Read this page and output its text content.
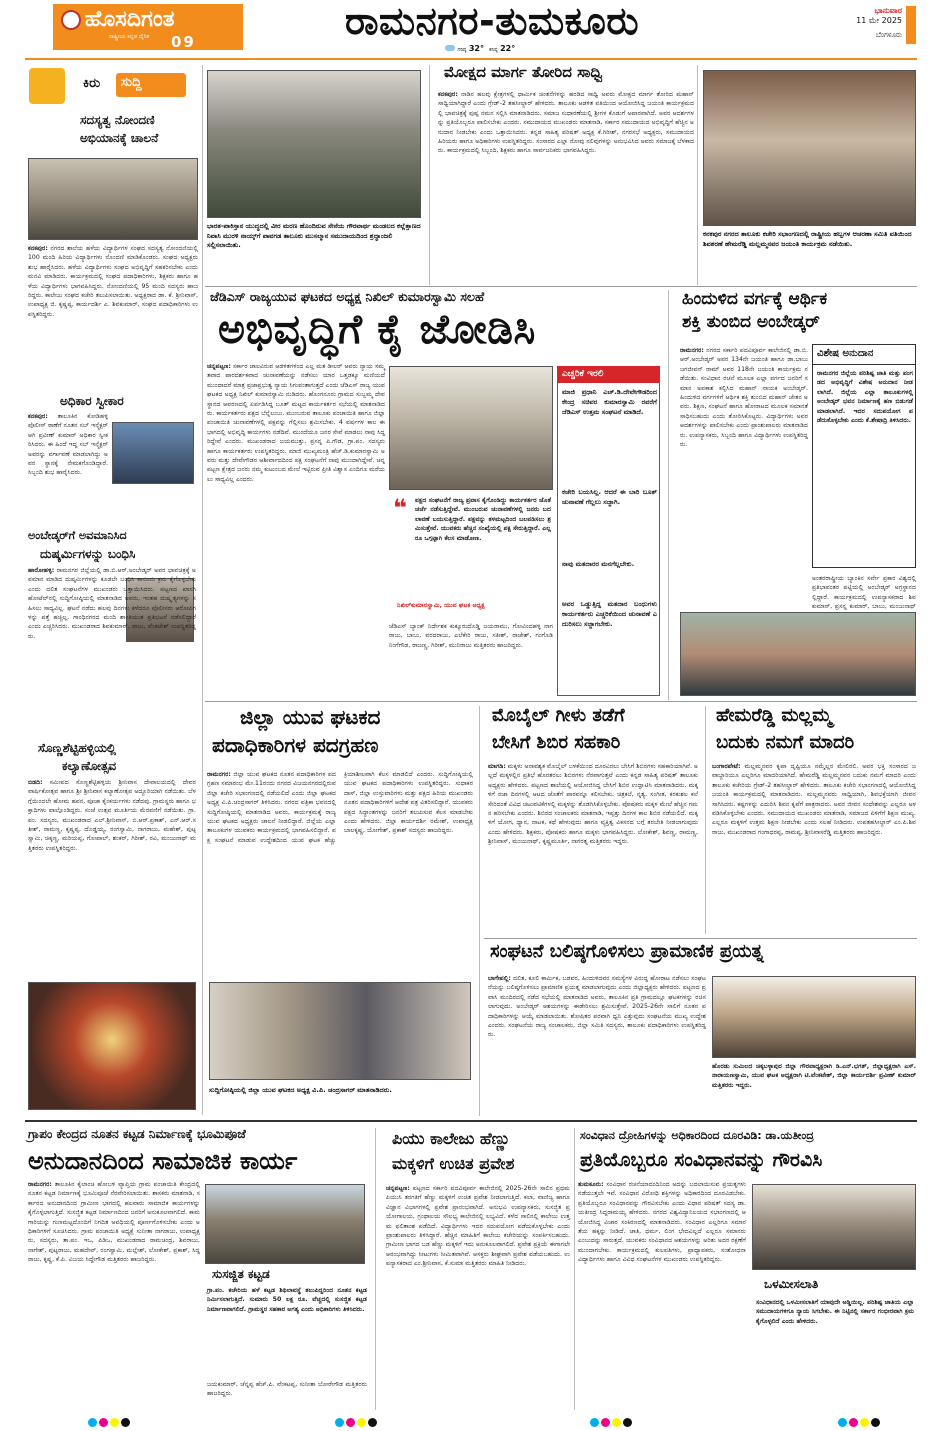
ಹೊಸದಿಗಂತ
ರಾಷ್ಟ್ರೀಯ ಕನ್ನಡ ದೈನಿಕ 09	ರಾಮನಗರ-ತುಮಕೂರು
ಗರಿಷ್ಠ 32° ಕನಿಷ್ಠ 22°
ಭಾನುವಾರ
11 ಮೇ 2025
ಬೆಂಗಳೂರು
ಕಿರು ಸುದ್ದಿ
ಸದಸ್ಯತ್ವ ನೋಂದಣಿ
ಅಭಿಯಾನಕ್ಕೆ ಚಾಲನೆ
ಕನಕಪುರ: ನಗರದ ಶಾಲೆಯ ಹಳೆಯ ವಿದ್ಯಾರ್ಥಿಗಳ ಸಂಘದ ಸದಸ್ಯತ್ವ ನೋಂದಣಿಯಲ್ಲಿ 100 ಮಂದಿ ಹಿರಿಯ ವಿದ್ಯಾರ್ಥಿಗಳು ನೊಂದಣಿ ಮಾಡಿಕೊಂಡರು. ಸಂಘದ ಅಧ್ಯಕ್ಷರು ಶುಭ ಹಾರೈಸಿದರು. ಹಳೆಯ ವಿದ್ಯಾರ್ಥಿಗಳು ಸಂಘದ ಅಭಿವೃದ್ಧಿಗೆ ಸಹಕರಿಸಬೇಕು ಎಂದು ಮನವಿ ಮಾಡಿದರು. ಕಾರ್ಯಕ್ರಮದಲ್ಲಿ ಸಂಘದ ಪದಾಧಿಕಾರಿಗಳು, ಶಿಕ್ಷಕರು ಹಾಗೂ ಹಳೆಯ ವಿದ್ಯಾರ್ಥಿಗಳು ಭಾಗವಹಿಸಿದ್ದರು. ನೋಂದಣಿಯಲ್ಲಿ 95 ಮಂದಿ ಸದಸ್ಯರು ಹಾಜರಿದ್ದರು. ಕಾಲೇಜು ಸಂಘದ ಕಚೇರಿ ತಲುಪಿಸಲಾಯಿತು. ಅಧ್ಯಕ್ಷರಾದ ಡಾ. ಕೆ. ಶ್ರೀನಿವಾಸ್, ಉಪಾಧ್ಯಕ್ಷ ಜಿ. ಕೃಷ್ಣಪ್ಪ, ಕಾರ್ಯದರ್ಶಿ ಎ. ಶಿವಕುಮಾರ್, ಸಂಘದ ಪದಾಧಿಕಾರಿಗಳು ಉಪಸ್ಥಿತರಿದ್ದರು.
ಅಧಿಕಾರ ಸ್ವೀಕಾರ
ಕನಕಪುರ: ತಾಲೂಕಿನ ಕೋಡಿಹಳ್ಳಿ ಪೊಲೀಸ್ ಠಾಣೆಗೆ ನೂತನ ಸಬ್ ಇನ್ಸ್ಪೆಕ್ಟರ್ ಆಗಿ ಪ್ರವೀಣ್ ಕುಮಾರ್ ಅಧಿಕಾರ ಸ್ವೀಕರಿಸಿದರು. ಈ ಹಿಂದೆ ಇದ್ದ ಸಬ್ ಇನ್ಸ್ಪೆಕ್ಟರ್ ಅವರನ್ನು ವರ್ಗಾವಣೆ ಮಾಡಲಾಗಿದ್ದು ಅವರ ಸ್ಥಾನಕ್ಕೆ ನೇಮಕಗೊಂಡಿದ್ದಾರೆ. ಸಿಬ್ಬಂದಿ ಶುಭ ಹಾರೈಸಿದರು.
ಅಂಬೇಡ್ಕರ್‌ಗೆ ಅವಮಾನಿಸಿದ
ದುಷ್ಕರ್ಮಿಗಳನ್ನು ಬಂಧಿಸಿ
ಹಾರೋಹಳ್ಳಿ: ರಾಮನಗರ ಜಿಲ್ಲೆಯಲ್ಲಿ ಡಾ.ಬಿ.ಆರ್.ಅಂಬೇಡ್ಕರ್ ಅವರ ಭಾವಚಿತ್ರಕ್ಕೆ ಅವಮಾನ ಮಾಡಿದ ದುಷ್ಕರ್ಮಿಗಳನ್ನು ಕೂಡಲೇ ಬಂಧಿಸಿ ಕಾನೂನು ಕ್ರಮ ಕೈಗೊಳ್ಳಬೇಕು ಎಂದು ದಲಿತ ಸಂಘಟನೆಗಳ ಮುಖಂಡರು ಒತ್ತಾಯಿಸಿದರು. ಪಟ್ಟಣದ ಖಾಸಗಿ ಹೋಟೆಲ್‌ನಲ್ಲಿ ಸುದ್ದಿಗೋಷ್ಠಿಯಲ್ಲಿ ಮಾತನಾಡಿದ ಅವರು, ಇಂತಹ ದುಷ್ಕೃತ್ಯಗಳನ್ನು ಸಹಿಸಲು ಸಾಧ್ಯವಿಲ್ಲ. ಘಟನೆ ನಡೆದು ಹಲವು ದಿನಗಳು ಕಳೆದರೂ ಪೊಲೀಸರು ಆರೋಪಿಗಳನ್ನು ಪತ್ತೆ ಹಚ್ಚಿಲ್ಲ. ಗಾಂಧಿನಗರದ ಮಂದಿ ಶಾಂತಿಯುತ ಪ್ರತಿಭಟನೆ ನಡೆಸಲಿದ್ದಾರೆ ಎಂದು ಎಚ್ಚರಿಸಿದರು. ಮುಖಂಡರಾದ ಶಿವಕುಮಾರ್, ರಾಜು, ವೆಂಕಟೇಶ್ ಉಪಸ್ಥಿತರಿದ್ದರು.
ಸೊಣ್ಣಶೆಟ್ಟಿಹಳ್ಳಿಯಲ್ಲಿ
ಕಲ್ಯಾಣೋತ್ಸವ
ಬಿಡದಿ: ಸಮೀಪದ ಸೊಣ್ಣಶೆಟ್ಟಿಹಳ್ಳಿಯ ಶ್ರೀನಿವಾಸ ದೇವಾಲಯದಲ್ಲಿ ದೇವರ ವಾರ್ಷಿಕೋತ್ಸವ ಹಾಗೂ ಶ್ರೀ ಶ್ರೀನಿವಾಸ ಕಲ್ಯಾಣೋತ್ಸವ ಅದ್ದೂರಿಯಾಗಿ ನಡೆಯಿತು. ಬೆಳಗ್ಗೆಯಿಂದಲೇ ಹೋಮ ಹವನ, ಪೂಜಾ ಕೈಂಕರ್ಯಗಳು ನಡೆದವು. ಗ್ರಾಮಸ್ಥರು ಹಾಗೂ ಭಕ್ತಾದಿಗಳು ಪಾಲ್ಗೊಂಡಿದ್ದರು. ಸಂಜೆ ಉತ್ಸವ ಮೂರ್ತಿಯ ಮೆರವಣಿಗೆ ನಡೆಯಿತು. ಗ್ರಾ.ಪಂ. ಸದಸ್ಯರು, ಮುಖಂಡರಾದ ಎಲ್.ಶ್ರೀನಿವಾಸ್, ಬಿ.ಆರ್.ಪ್ರಕಾಶ್, ಎನ್.ಆರ್.ಸತೀಶ್, ರಾಮಣ್ಣ, ಕೃಷ್ಣಪ್ಪ, ದೊಡ್ಡಯ್ಯ, ರಂಗಸ್ವಾಮಿ, ನಾಗರಾಜು, ಮಹೇಶ್, ಪುಟ್ಟಸ್ವಾಮಿ, ಚಿಕ್ಕಣ್ಣ, ಮರಿಯಪ್ಪ, ಗೋಪಾಲ್, ಶಂಕರ್, ಗಿರೀಶ್, ರವಿ, ಮಂಜುನಾಥ್ ಮತ್ತಿತರರು ಉಪಸ್ಥಿತರಿದ್ದರು.
ಭಾರತ-ಪಾಕಿಸ್ತಾನ ಯುದ್ಧದಲ್ಲಿ ವೀರ ಮರಣ ಹೊಂದಿರುವ ಸೇನೆಯ ಗೌರವಾರ್ಥ ಮಂಡಲದ ಕಲ್ಲೆತ್ತಾಣದ ನಿವಾಸಿ ಮುರಳಿ ನಾಯ್ಕ್‌ಗೆ ಪಾವಗಡ ತಾಲೂಕು ಮುಸಲ್ಮಾನ ಸಮುದಾಯದಿಂದ ಶ್ರದ್ಧಾಂಜಲಿ ಸಲ್ಲಿಸಲಾಯಿತು.
ಮೋಕ್ಷದ ಮಾರ್ಗ ತೋರಿದ ಸಾಧ್ವಿ
ಕನಕಪುರ: ನಾಡಿನ ಹಲವು ಕ್ಷೇತ್ರಗಳಲ್ಲಿ ಧಾರ್ಮಿಕ ಚಿಂತನೆಗಳನ್ನು ಹರಡಿದ ಸಾಧ್ವಿ ಅವರು ಮೋಕ್ಷದ ಮಾರ್ಗ ತೋರಿದ ಮಹಾನ್ ಸಾಧ್ವಿಯಾಗಿದ್ದಾರೆ ಎಂದು ಗ್ರೇಡ್-2 ತಹಸೀಲ್ದಾರ್ ಹೇಳಿದರು. ತಾಲೂಕು ಆಡಳಿತ ವತಿಯಿಂದ ಆಯೋಜಿಸಿದ್ದ ಜಯಂತಿ ಕಾರ್ಯಕ್ರಮದಲ್ಲಿ ಭಾವಚಿತ್ರಕ್ಕೆ ಪುಷ್ಪ ನಮನ ಸಲ್ಲಿಸಿ ಮಾತನಾಡಿದರು. ಸಮಾಜ ಸುಧಾರಣೆಯಲ್ಲಿ ಶ್ರೀಗಳ ಕೊಡುಗೆ ಅಪಾರವಾಗಿದೆ. ಅವರ ಆದರ್ಶಗಳನ್ನು ಪ್ರತಿಯೊಬ್ಬರೂ ಪಾಲಿಸಬೇಕು ಎಂದರು. ಸಮುದಾಯದ ಮುಖಂಡರು ಮಾತನಾಡಿ, ಸರ್ಕಾರ ಸಮುದಾಯದ ಅಭಿವೃದ್ಧಿಗೆ ಹೆಚ್ಚಿನ ಅನುದಾನ ನೀಡಬೇಕು ಎಂದು ಒತ್ತಾಯಿಸಿದರು. ಕನ್ನಡ ಸಾಹಿತ್ಯ ಪರಿಷತ್ ಅಧ್ಯಕ್ಷ ಕೆ.ಗಿರೀಶ್, ನಗರಸಭೆ ಅಧ್ಯಕ್ಷರು, ಸಮುದಾಯದ ಹಿರಿಯರು ಹಾಗೂ ಅಧಿಕಾರಿಗಳು ಉಪಸ್ಥಿತರಿದ್ದರು. ಸಂಸಾರದ ಎಲ್ಲಾ ನೋವು ನಲಿವುಗಳನ್ನು ಅನುಭವಿಸಿದ ಅವರು ಸಮಾಜಕ್ಕೆ ಬೆಳಕಾದರು. ಕಾರ್ಯಕ್ರಮದಲ್ಲಿ ಸಿಬ್ಬಂದಿ, ಶಿಕ್ಷಕರು ಹಾಗೂ ಸಾರ್ವಜನಿಕರು ಭಾಗವಹಿಸಿದ್ದರು.
ಕನಕಪುರ ನಗರದ ತಾಲೂಕು ಕಚೇರಿ ಸಭಾಂಗಣದಲ್ಲಿ ರಾಷ್ಟ್ರೀಯ ಹಬ್ಬಗಳ ಆಚರಣಾ ಸಮಿತಿ ವತಿಯಿಂದ ಶಿವಶರಣೆ ಹೇಮರೆಡ್ಡಿ ಮಲ್ಲಮ್ಮನವರ ಜಯಂತಿ ಕಾರ್ಯಕ್ರಮ ನಡೆಯಿತು.
ಜೆಡಿಎಸ್ ರಾಜ್ಯಯುವ ಘಟಕದ ಅಧ್ಯಕ್ಷ ನಿಖಿಲ್ ಕುಮಾರಸ್ವಾಮಿ ಸಲಹೆ
ಅಭಿವೃದ್ಧಿಗೆ ಕೈ ಜೋಡಿಸಿ
ಚನ್ನಪಟ್ಟಣ: ಸರ್ಕಾರ ಜಾಲವಿರುವ ಆಡಳಿತಗಳಿಂದ ಎಲ್ಲ ಮತ ಡೀಲರ್ ಅವರು ನ್ಯಾಯ ಸಮ್ಮತವಾದ ಪಾರದರ್ಶಕವಾದ ಚುನಾವಣೆಯನ್ನು ನಡೆಸಲು ಯಾರ ಒತ್ತಡಕ್ಕೂ ಮಣಿಯದೆ ಮುಂದಾದರೆ ಮಾತ್ರ ಪ್ರಜಾಪ್ರಭುತ್ವ ನ್ಯಾಯ ಸಿಗುವಂತಾಗುತ್ತದೆ ಎಂದು ಜೆಡಿಎಸ್ ರಾಜ್ಯ ಯುವ ಘಟಕದ ಅಧ್ಯಕ್ಷ ನಿಖಿಲ್ ಕುಮಾರಸ್ವಾಮಿ ನುಡಿದರು. ಹೊಂಗನೂರು ಗ್ರಾಮದ ಸುಬ್ಬಮ್ಮ ದೇವಸ್ಥಾನದ ಆವರಣದಲ್ಲಿ ಏರ್ಪಡಿಸಿದ್ದ ಬೂತ್ ಮಟ್ಟದ ಕಾರ್ಯಕರ್ತರ ಸಭೆಯಲ್ಲಿ ಮಾತನಾಡಿದರು. ಕಾರ್ಯಕರ್ತರು ಪಕ್ಷದ ಬೆನ್ನೆಲುಬು. ಮುಂಬರುವ ತಾಲೂಕು ಪಂಚಾಯಿತಿ ಹಾಗೂ ಜಿಲ್ಲಾ ಪಂಚಾಯಿತಿ ಚುನಾವಣೆಗಳಲ್ಲಿ ಪಕ್ಷವನ್ನು ಗೆಲ್ಲಿಸಲು ಶ್ರಮಿಸಬೇಕು. 4 ವರ್ಷಗಳ ಕಾಲ ಈ ಭಾಗದಲ್ಲಿ ಅಭಿವೃದ್ಧಿ ಕಾರ್ಯಗಳು ನಡೆದಿವೆ. ಮುಂದೆಯೂ ಜನರ ಸೇವೆ ಮಾಡಲು ನಾವು ಸಿದ್ಧರಿದ್ದೇವೆ ಎಂದರು. ಮುಖಂಡರಾದ ಜಯಮುತ್ತು, ಪ್ರಸನ್ನ ಪಿ.ಗೌಡ, ಗ್ರಾ.ಪಂ. ಸದಸ್ಯರು ಹಾಗೂ ಕಾರ್ಯಕರ್ತರು ಉಪಸ್ಥಿತರಿದ್ದರು. ಮಾಜಿ ಮುಖ್ಯಮಂತ್ರಿ ಹೆಚ್.ಡಿ.ಕುಮಾರಸ್ವಾಮಿ ಅವರು ಮತ್ತು ದೇವೇಗೌಡರ ಆಶೀರ್ವಾದದಿಂದ ಪಕ್ಷ ಸಂಘಟನೆಗೆ ನಾವು ಮುಂದಾಗಿದ್ದೇವೆ. ಚನ್ನಪಟ್ಟಣ ಕ್ಷೇತ್ರದ ಜನರು ನಮ್ಮ ಕುಟುಂಬದ ಮೇಲೆ ಇಟ್ಟಿರುವ ಪ್ರೀತಿ ವಿಶ್ವಾಸ ಎಂದಿಗೂ ಮರೆಯಲು ಸಾಧ್ಯವಿಲ್ಲ ಎಂದರು.
❝ ಪಕ್ಷದ ಸಂಘಟನೆಗೆ ರಾಜ್ಯ ಪ್ರವಾಸ ಕೈಗೊಂಡಿದ್ದು ಕಾರ್ಯಕರ್ತರ ಜೊತೆ ಚರ್ಚೆ ನಡೆಸುತ್ತಿದ್ದೇವೆ. ಮುಂಬರುವ ಚುನಾವಣೆಗಳಲ್ಲಿ ಜನರು ಬದಲಾವಣೆ ಬಯಸುತ್ತಿದ್ದಾರೆ. ಪಕ್ಷವನ್ನು ತಳಮಟ್ಟದಿಂದ ಬಲಪಡಿಸಲು ಶ್ರಮಿಸುತ್ತೇವೆ. ಯುವಕರು ಹೆಚ್ಚಿನ ಸಂಖ್ಯೆಯಲ್ಲಿ ಪಕ್ಷ ಸೇರುತ್ತಿದ್ದಾರೆ. ಎಲ್ಲರೂ ಒಗ್ಗಟ್ಟಾಗಿ ಕೆಲಸ ಮಾಡೋಣ.
ನಿಖಿಲ್‌ಕುಮಾರಸ್ವಾಮಿ, ಯುವ ಘಟಕ ಅಧ್ಯಕ್ಷ
ಜೆಡಿಎಸ್ ಬ್ಯಾಂಕ್ ನಿರ್ದೇಶಕ ಕುಕ್ಕೂರುದೊಡ್ಡಿ ಜಯರಾಮು, ಗೋವಿಂದಹಳ್ಳಿ ನಾಗರಾಜು, ಬಾಬು, ವರದರಾಜು, ಎಲೆಕೇರಿ ರಾಜು, ಸತೀಶ್, ರಾಜೇಶ್, ಗಂಗೊಡಿ ನಿಂಗೆಗೌಡ, ರಾಜಣ್ಣ, ಗಿರೀಶ್, ಮುನಿರಾಜು ಮತ್ತಿತರರು ಹಾಜರಿದ್ದರು.
ಎಚ್ಚರಿಕೆ ಇರಲಿ
ಮಾಜಿ ಪ್ರಧಾನಿ ಎಚ್.ಡಿ.ದೇವೇಗೌಡರಿಂದ ಕೇಂದ್ರ ಸಚಿವರ ಕುಮಾರಸ್ವಾಮಿ ರವರೆಗೆ ಜೆಡಿಎಸ್ ಉತ್ತಮ ಸಂಘಟನೆ ಮಾಡಿದೆ.
ಕಚೇರಿ ಬಯಸಿಲ್ಲ. ಆದರೆ ಈ ಬಾರಿ ಬೂತ್ ಚುನಾವಣೆ ಗೆಲ್ಲಲು ಸಜ್ಜಾಗಿ.
ನಾವು ಮತದಾರರ ಮನಗೆಲ್ಲಬೇಕು.
ಅವರ ಒಡ್ಡುತ್ತಿದ್ದ ಮತದಾರ ಬಂಧುಗಳು ಕಾರ್ಯಕರ್ತರು ಎಚ್ಚರಿಕೆಯಿಂದ ಚುನಾವಣೆ ಎದುರಿಸಲು ಸಜ್ಜಾಗಬೇಕು.
ಹಿಂದುಳಿದ ವರ್ಗಕ್ಕೆ ಆರ್ಥಿಕ
ಶಕ್ತಿ ತುಂಬಿದ ಅಂಬೇಡ್ಕರ್
ರಾಮನಗರ: ನಗರದ ಸರ್ಕಾರಿ ಪದವಿಪೂರ್ವ ಕಾಲೇಜಿನಲ್ಲಿ ಡಾ.ಬಿ.ಆರ್.ಅಂಬೇಡ್ಕರ್ ಅವರ 134ನೇ ಜಯಂತಿ ಹಾಗೂ ಡಾ.ಬಾಬು ಜಗಜೀವನ್ ರಾಮ್ ಅವರ 118ನೇ ಜಯಂತಿ ಕಾರ್ಯಕ್ರಮ ನಡೆಯಿತು. ಸಂವಿಧಾನ ರಚನೆ ಮೂಲಕ ಎಲ್ಲಾ ವರ್ಗದ ಜನರಿಗೆ ಸಮಾನ ಅವಕಾಶ ಕಲ್ಪಿಸಿದ ಮಹಾನ್ ನಾಯಕ ಅಂಬೇಡ್ಕರ್. ಹಿಂದುಳಿದ ವರ್ಗಗಳಿಗೆ ಆರ್ಥಿಕ ಶಕ್ತಿ ತುಂಬಿದ ಮಹಾನ್ ಚೇತನ ಅವರು. ಶಿಕ್ಷಣ, ಸಂಘಟನೆ ಹಾಗೂ ಹೋರಾಟದ ಮೂಲಕ ಸಮಾನತೆ ಸಾಧಿಸಬಹುದು ಎಂದು ತೋರಿಸಿಕೊಟ್ಟರು. ವಿದ್ಯಾರ್ಥಿಗಳು ಅವರ ಆದರ್ಶಗಳನ್ನು ಪಾಲಿಸಬೇಕು ಎಂದು ಪ್ರಾಂಶುಪಾಲರು ಮಾತನಾಡಿದರು. ಉಪನ್ಯಾಸಕರು, ಸಿಬ್ಬಂದಿ ಹಾಗೂ ವಿದ್ಯಾರ್ಥಿಗಳು ಉಪಸ್ಥಿತರಿದ್ದರು.
ವಿಶೇಷ ಅನುದಾನ
ರಾಮನಗರ ಜಿಲ್ಲೆಯ ಪರಿಶಿಷ್ಟ ಜಾತಿ ಮತ್ತು ಪಂಗಡದ ಅಭಿವೃದ್ಧಿಗೆ ವಿಶೇಷ ಅನುದಾನ ನೀಡಲಾಗಿದೆ. ಜಿಲ್ಲೆಯ ಎಲ್ಲಾ ತಾಲೂಕುಗಳಲ್ಲಿ ಅಂಬೇಡ್ಕರ್ ಭವನ ನಿರ್ಮಾಣಕ್ಕೆ ಹಣ ಬಿಡುಗಡೆ ಮಾಡಲಾಗಿದೆ. ಇದರ ಸದುಪಯೋಗ ಪಡೆದುಕೊಳ್ಳಬೇಕು ಎಂದು ಕೆ.ಶೇಷಾದ್ರಿ ತಿಳಿಸಿದರು.
ಅಂತರರಾಷ್ಟ್ರೀಯ ಬ್ಯಾಂಕಿನ ಸರ್ವೇ ಪ್ರಕಾರ ವಿಶ್ವದಲ್ಲಿ ಪ್ರತಿಭಾವಂತರ ಪಟ್ಟಿಯಲ್ಲಿ ಅಂಬೇಡ್ಕರ್ ಅಗ್ರಸ್ಥಾನದಲ್ಲಿದ್ದಾರೆ. ಕಾರ್ಯಕ್ರಮದಲ್ಲಿ ಉಪನ್ಯಾಸಕರಾದ ಶಿವಕುಮಾರ್, ಪ್ರಸನ್ನ ಕುಮಾರ್, ಬಾಬು, ಮಂಜುನಾಥ್
ಜಿಲ್ಲಾ ಯುವ ಘಟಕದ
ಪದಾಧಿಕಾರಿಗಳ ಪದಗ್ರಹಣ
ರಾಮನಗರ: ಜಿಲ್ಲಾ ಯುವ ಘಟಕದ ನೂತನ ಪದಾಧಿಕಾರಿಗಳ ಪದಗ್ರಹಣ ಸಮಾರಂಭ ಮೇ.11ರಂದು ನಗರದ ವಿಜಯನಗರದಲ್ಲಿರುವ ಜಿಲ್ಲಾ ಕಚೇರಿ ಸಭಾಂಗಣದಲ್ಲಿ ನಡೆಯಲಿದೆ ಎಂದು ಜಿಲ್ಲಾ ಘಟಕದ ಅಧ್ಯಕ್ಷ ವಿ.ಪಿ.ಚಂದ್ರಸಾಗರ್ ತಿಳಿಸಿದರು. ನಗರದ ಪತ್ರಿಕಾ ಭವನದಲ್ಲಿ ಸುದ್ದಿಗೋಷ್ಠಿಯಲ್ಲಿ ಮಾತನಾಡಿದ ಅವರು, ಕಾರ್ಯಕ್ರಮಕ್ಕೆ ರಾಜ್ಯ ಯುವ ಘಟಕದ ಅಧ್ಯಕ್ಷರು ಚಾಲನೆ ನೀಡಲಿದ್ದಾರೆ. ಜಿಲ್ಲೆಯ ಎಲ್ಲಾ ತಾಲೂಕುಗಳ ಯುವಕರು ಕಾರ್ಯಕ್ರಮದಲ್ಲಿ ಭಾಗವಹಿಸಲಿದ್ದಾರೆ. ಪಕ್ಷ ಸಂಘಟನೆ ಮಾಡುವ ಉದ್ದೇಶದಿಂದ ಯುವ ಘಟಕ ಹೆಚ್ಚು ಕ್ರಿಯಾಶೀಲವಾಗಿ ಕೆಲಸ ಮಾಡಲಿದೆ ಎಂದರು. ಸುದ್ದಿಗೋಷ್ಠಿಯಲ್ಲಿ ಯುವ ಘಟಕದ ಪದಾಧಿಕಾರಿಗಳು ಉಪಸ್ಥಿತರಿದ್ದರು. ಸುಧಾಕರ ದಾಸ್, ಜಿಲ್ಲಾ ಉಸ್ತುವಾರಿಗಳು ಮತ್ತು ಪಕ್ಷದ ಹಿರಿಯ ಮುಖಂಡರು ನೂತನ ಪದಾಧಿಕಾರಿಗಳಿಗೆ ಆದೇಶ ಪತ್ರ ವಿತರಿಸಲಿದ್ದಾರೆ. ಯುವಕರು ಪಕ್ಷದ ಸಿದ್ಧಾಂತಗಳನ್ನು ಜನರಿಗೆ ತಲುಪಿಸುವ ಕೆಲಸ ಮಾಡಬೇಕು ಎಂದು ಹೇಳಿದರು. ಜಿಲ್ಲಾ ಕಾರ್ಯದರ್ಶಿ ರಮೇಶ್, ಉಪಾಧ್ಯಕ್ಷ ಬಾಲಕೃಷ್ಣ, ಯೋಗೇಶ್, ಪ್ರಕಾಶ್ ಸದಸ್ಯರು ಹಾಜರಿದ್ದರು.
ಸುದ್ದಿಗೋಷ್ಠಿಯಲ್ಲಿ ಜಿಲ್ಲಾ ಯುವ ಘಟಕದ ಅಧ್ಯಕ್ಷ ವಿ.ಪಿ. ಚಂದ್ರಸಾಗರ್ ಮಾತನಾಡಿದರು.
ಮೊಬೈಲ್ ಗೀಳು ತಡೆಗೆ
ಬೇಸಿಗೆ ಶಿಬಿರ ಸಹಕಾರಿ
ಮಾಗಡಿ: ಮಕ್ಕಳು ಅನಾವಶ್ಯಕ ಮೊಬೈಲ್ ಬಳಕೆಯಿಂದ ದೂರವಿರಲು ಬೇಸಿಗೆ ಶಿಬಿರಗಳು ಸಹಕಾರಿಯಾಗಿವೆ. ಅಲ್ಲದೆ ಮಕ್ಕಳಲ್ಲಿನ ಪ್ರತಿಭೆ ಹೊರತರಲು ಶಿಬಿರಗಳು ನೆರವಾಗುತ್ತವೆ ಎಂದು ಕನ್ನಡ ಸಾಹಿತ್ಯ ಪರಿಷತ್ ತಾಲೂಕು ಅಧ್ಯಕ್ಷರು ಹೇಳಿದರು. ಪಟ್ಟಣದ ಶಾಲೆಯಲ್ಲಿ ಆಯೋಜಿಸಿದ್ದ ಬೇಸಿಗೆ ಶಿಬಿರ ಉದ್ಘಾಟಿಸಿ ಮಾತನಾಡಿದರು. ಮಕ್ಕಳಿಗೆ ರಜಾ ದಿನಗಳಲ್ಲಿ ಆಟದ ಜೊತೆಗೆ ಪಾಠವನ್ನೂ ಕಲಿಸಬೇಕು. ಚಿತ್ರಕಲೆ, ನೃತ್ಯ, ಸಂಗೀತ, ಕರಕುಶಲ ಕಲೆ ಸೇರಿದಂತೆ ವಿವಿಧ ಚಟುವಟಿಕೆಗಳಲ್ಲಿ ಮಕ್ಕಳನ್ನು ತೊಡಗಿಸಿಕೊಳ್ಳಬೇಕು. ಪೋಷಕರು ಮಕ್ಕಳ ಮೇಲೆ ಹೆಚ್ಚಿನ ಗಮನ ಹರಿಸಬೇಕು ಎಂದರು. ಶಿಬಿರದ ಸಂಚಾಲಕರು ಮಾತನಾಡಿ, ಇಪ್ಪತ್ತು ದಿನಗಳ ಕಾಲ ಶಿಬಿರ ನಡೆಯಲಿದೆ. ಮಕ್ಕಳಿಗೆ ಯೋಗ, ಧ್ಯಾನ, ನಾಟಕ, ಕಥೆ ಹೇಳುವುದು ಹಾಗೂ ವ್ಯಕ್ತಿತ್ವ ವಿಕಸನದ ಬಗ್ಗೆ ತರಬೇತಿ ನೀಡಲಾಗುವುದು ಎಂದು ಹೇಳಿದರು. ಶಿಕ್ಷಕರು, ಪೋಷಕರು ಹಾಗೂ ಮಕ್ಕಳು ಭಾಗವಹಿಸಿದ್ದರು. ಲೋಕೇಶ್, ಶಿವಣ್ಣ, ರಾಮಣ್ಣ, ಶ್ರೀನಿವಾಸ್, ಮಂಜುನಾಥ್, ಕೃಷ್ಣಮೂರ್ತಿ, ನಾಗರತ್ನ ಮತ್ತಿತರರು ಇದ್ದರು.
ಹೇಮರೆಡ್ಡಿ ಮಲ್ಲಮ್ಮ
ಬದುಕು ನಮಗೆ ಮಾದರಿ
ಬಂಗಾರಪೇಟೆ: ಮಲ್ಲಮ್ಮನವರ ಕೃಪಾ ದೃಷ್ಟಿಯೂ ನಮ್ಮೆಲ್ಲರ ಮೇಲಿರಲಿ. ಅವರ ಭಕ್ತಿ ಸಂಸಾರದ ಜವಾಬ್ದಾರಿಯೂ ಎಲ್ಲರಿಗೂ ಮಾದರಿಯಾಗಿದೆ. ಹೇಮರೆಡ್ಡಿ ಮಲ್ಲಮ್ಮನವರ ಬದುಕು ನಮಗೆ ಮಾದರಿ ಎಂದು ತಾಲೂಕು ಕಚೇರಿಯ ಗ್ರೇಡ್-2 ತಹಸೀಲ್ದಾರ್ ಹೇಳಿದರು. ತಾಲೂಕು ಕಚೇರಿ ಸಭಾಂಗಣದಲ್ಲಿ ಆಯೋಜಿಸಿದ್ದ ಜಯಂತಿ ಕಾರ್ಯಕ್ರಮದಲ್ಲಿ ಮಾತನಾಡಿದರು. ಮಲ್ಲಮ್ಮನವರು ಸಾಧ್ವಿಯಾಗಿ, ಶಿವಭಕ್ತೆಯಾಗಿ ಜೀವನ ಸಾಗಿಸಿದರು. ಕಷ್ಟಗಳನ್ನು ಎದುರಿಸಿ ಶಿವನ ಕೃಪೆಗೆ ಪಾತ್ರರಾದರು. ಅವರ ಜೀವನ ಸಂದೇಶವನ್ನು ಎಲ್ಲರೂ ಅಳವಡಿಸಿಕೊಳ್ಳಬೇಕು ಎಂದರು. ಸಮುದಾಯದ ಮುಖಂಡರು ಮಾತನಾಡಿ, ಸಮಾಜದ ಏಳಿಗೆಗೆ ಶಿಕ್ಷಣ ಮುಖ್ಯ. ಎಲ್ಲರೂ ಮಕ್ಕಳಿಗೆ ಉತ್ತಮ ಶಿಕ್ಷಣ ನೀಡಬೇಕು ಎಂದು ಸಲಹೆ ನೀಡಿದರು. ಉಪತಹಸೀಲ್ದಾರ್ ಎಂ.ಪಿ.ಶಿವರಾಜು, ಮುಖಂಡರಾದ ಗಂಗಾಧರಪ್ಪ, ರಾಮಪ್ಪ, ಶ್ರೀನಿವಾಸರೆಡ್ಡಿ ಮತ್ತಿತರರು ಹಾಜರಿದ್ದರು.
ಸಂಘಟನೆ ಬಲಿಷ್ಠಗೊಳಿಸಲು ಪ್ರಾಮಾಣಿಕ ಪ್ರಯತ್ನ
ಬಾಗೇಪಲ್ಲಿ: ದಲಿತ, ಕೂಲಿ ಕಾರ್ಮಿಕ, ಬಡವರ, ಹಿಂದುಳಿದವರ ಸಮಸ್ಯೆಗಳ ವಿರುದ್ಧ ಹೋರಾಟ ನಡೆಸಲು ಸಂಘಟನೆಯನ್ನು ಬಲಿಷ್ಠಗೊಳಿಸಲು ಪ್ರಾಮಾಣಿಕ ಪ್ರಯತ್ನ ಮಾಡಲಾಗುವುದು ಎಂದು ಜಿಲ್ಲಾಧ್ಯಕ್ಷರು ಹೇಳಿದರು. ಪಟ್ಟಣದ ಪ್ರವಾಸಿ ಮಂದಿರದಲ್ಲಿ ನಡೆದ ಸಭೆಯಲ್ಲಿ ಮಾತನಾಡಿದ ಅವರು, ತಾಲೂಕಿನ ಪ್ರತಿ ಗ್ರಾಮದಲ್ಲೂ ಘಟಕಗಳನ್ನು ರಚಿಸಲಾಗುವುದು. ಅಂಬೇಡ್ಕರ್ ಆಶಯಗಳನ್ನು ಈಡೇರಿಸಲು ಶ್ರಮಿಸುತ್ತೇವೆ. 2025-26ನೇ ಸಾಲಿಗೆ ನೂತನ ಪದಾಧಿಕಾರಿಗಳನ್ನು ಆಯ್ಕೆ ಮಾಡಲಾಯಿತು. ಶೋಷಿತರ ಪರವಾಗಿ ಧ್ವನಿ ಎತ್ತುವುದು ಸಂಘಟನೆಯ ಮುಖ್ಯ ಉದ್ದೇಶ ಎಂದರು. ಸಂಘಟನೆಯ ರಾಜ್ಯ ಸಂಚಾಲಕರು, ಜಿಲ್ಲಾ ಸಮಿತಿ ಸದಸ್ಯರು, ತಾಲೂಕು ಪದಾಧಿಕಾರಿಗಳು ಉಪಸ್ಥಿತರಿದ್ದರು.
ಹೊರಡು ಸುಮಿಲದ ಚಿಕ್ಕಬಳ್ಳಾಪುರ ಜಿಲ್ಲಾ ಗೌರವಾಧ್ಯಕ್ಷರಾಗಿ ಡಿ.ಎನ್.ಭಗತ್, ಜಿಲ್ಲಾಧ್ಯಕ್ಷರಾಗಿ ಎಸ್.ನಾರಾಯಣಸ್ವಾಮಿ, ಯುವ ಘಟಕ ಅಧ್ಯಕ್ಷರಾಗಿ ಟಿ.ವೆಂಕಟೇಶ್, ಜಿಲ್ಲಾ ಕಾರ್ಯದರ್ಶಿ ಪ್ರವೀಣ್ ಕುಮಾರ್ ಮತ್ತಿತರರು ಇದ್ದರು.
ಗ್ರಾಪಂ ಕೇಂದ್ರದ ನೂತನ ಕಟ್ಟಡ ನಿರ್ಮಾಣಕ್ಕೆ ಭೂಮಿಪೂಜೆ
ಅನುದಾನದಿಂದ ಸಾಮಾಜಿಕ ಕಾರ್ಯ
ರಾಮನಗರ: ತಾಲೂಕಿನ ಕೈಲಾಂಚ ಹೋಬಳಿ ವ್ಯಾಪ್ತಿಯ ಗ್ರಾಮ ಪಂಚಾಯಿತಿ ಕೇಂದ್ರದಲ್ಲಿ ನೂತನ ಕಟ್ಟಡ ನಿರ್ಮಾಣಕ್ಕೆ ಭೂಮಿಪೂಜೆ ನೆರವೇರಿಸಲಾಯಿತು. ಶಾಸಕರು ಮಾತನಾಡಿ, ಸರ್ಕಾರದ ಅನುದಾನದಿಂದ ಗ್ರಾಮೀಣ ಭಾಗದಲ್ಲಿ ಹಲವಾರು ಸಾಮಾಜಿಕ ಕಾರ್ಯಗಳನ್ನು ಕೈಗೊಳ್ಳಲಾಗುತ್ತಿದೆ. ಸುಸಜ್ಜಿತ ಕಟ್ಟಡ ನಿರ್ಮಾಣದಿಂದ ಜನರಿಗೆ ಅನುಕೂಲವಾಗಲಿದೆ. ಕಾಮಗಾರಿಯನ್ನು ಗುಣಮಟ್ಟದೊಂದಿಗೆ ನಿಗದಿತ ಅವಧಿಯಲ್ಲಿ ಪೂರ್ಣಗೊಳಿಸಬೇಕು ಎಂದು ಅಧಿಕಾರಿಗಳಿಗೆ ಸೂಚಿಸಿದರು. ಗ್ರಾಮ ಪಂಚಾಯಿತಿ ಅಧ್ಯಕ್ಷೆ ಸುನೀತಾ ನಾಗರಾಜು, ಉಪಾಧ್ಯಕ್ಷರು, ಸದಸ್ಯರು, ತಾ.ಪಂ. ಇಒ, ಪಿಡಿಒ, ಮುಖಂಡರಾದ ರಾಮಚಂದ್ರ, ಶಿವರಾಜು, ನಾಗೇಶ್, ಪುಟ್ಟರಾಜು, ಮಹದೇವ್, ರಂಗಸ್ವಾಮಿ, ಮಲ್ಲೇಶ್, ಲೋಕೇಶ್, ಪ್ರಕಾಶ್, ಸಿದ್ದರಾಜು, ಕೃಷ್ಣ, ಕೆ.ಪಿ. ವಿಜಯ ಸಿದ್ದೇಗೌಡ ಮತ್ತಿತರರು ಹಾಜರಿದ್ದರು.
ಸುಸಜ್ಜಿತ ಕಟ್ಟಡ
ಗ್ರಾ.ಪಂ. ಕಚೇರಿಯ ಹಳೆ ಕಟ್ಟಡ ಶಿಥಿಲಾವಸ್ಥೆ ತಲುಪಿದ್ದರಿಂದ ನೂತನ ಕಟ್ಟಡ ನಿರ್ಮಿಸಲಾಗುತ್ತಿದೆ. ಸುಮಾರು 50 ಲಕ್ಷ ರೂ. ವೆಚ್ಚದಲ್ಲಿ ಸುಸಜ್ಜಿತ ಕಟ್ಟಡ ನಿರ್ಮಾಣವಾಗಲಿದೆ. ಗ್ರಾಮಸ್ಥರ ಸಹಕಾರ ಅಗತ್ಯ ಎಂದು ಅಧಿಕಾರಿಗಳು ತಿಳಿಸಿದರು.
ಜಯಕುಮಾರ್, ಚೆನ್ನಪ್ಪ ಹೆಚ್.ಪಿ. ವೆಂಕಟಪ್ಪ, ಸುನೀತಾ ಬೋರೇಗೌಡ ಮತ್ತಿತರರು ಹಾಜರಿದ್ದರು.
ಪಿಯು ಕಾಲೇಜು ಹೆಣ್ಣು
ಮಕ್ಕಳಿಗೆ ಉಚಿತ ಪ್ರವೇಶ
ಚನ್ನಪಟ್ಟಣ: ಪಟ್ಟಣದ ಸರ್ಕಾರಿ ಪದವಿಪೂರ್ವ ಕಾಲೇಜಿನಲ್ಲಿ 2025-26ನೇ ಸಾಲಿನ ಪ್ರಥಮ ಪಿಯುಸಿ ತರಗತಿಗೆ ಹೆಣ್ಣು ಮಕ್ಕಳಿಗೆ ಉಚಿತ ಪ್ರವೇಶ ನೀಡಲಾಗುತ್ತಿದೆ. ಕಲಾ, ವಾಣಿಜ್ಯ ಹಾಗೂ ವಿಜ್ಞಾನ ವಿಭಾಗಗಳಲ್ಲಿ ಪ್ರವೇಶ ಪ್ರಾರಂಭವಾಗಿದೆ. ಅನುಭವಿ ಉಪನ್ಯಾಸಕರು, ಸುಸಜ್ಜಿತ ಪ್ರಯೋಗಾಲಯ, ಗ್ರಂಥಾಲಯ ಸೌಲಭ್ಯ ಕಾಲೇಜಿನಲ್ಲಿ ಲಭ್ಯವಿದೆ. ಕಳೆದ ಸಾಲಿನಲ್ಲಿ ಕಾಲೇಜು ಉತ್ತಮ ಫಲಿತಾಂಶ ಪಡೆದಿದೆ. ವಿದ್ಯಾರ್ಥಿಗಳು ಇದರ ಸದುಪಯೋಗ ಪಡೆದುಕೊಳ್ಳಬೇಕು ಎಂದು ಪ್ರಾಂಶುಪಾಲರು ತಿಳಿಸಿದ್ದಾರೆ. ಹೆಚ್ಚಿನ ಮಾಹಿತಿಗೆ ಕಾಲೇಜು ಕಚೇರಿಯನ್ನು ಸಂಪರ್ಕಿಸಬಹುದು. ಗ್ರಾಮೀಣ ಭಾಗದ ಬಡ ಹೆಣ್ಣು ಮಕ್ಕಳಿಗೆ ಇದು ಅನುಕೂಲವಾಗಲಿದೆ. ಪ್ರವೇಶ ಪ್ರಕ್ರಿಯೆ ಈಗಾಗಲೇ ಆರಂಭವಾಗಿದ್ದು ಸೀಟುಗಳು ಸೀಮಿತವಾಗಿವೆ. ಆಸಕ್ತರು ಶೀಘ್ರವಾಗಿ ಪ್ರವೇಶ ಪಡೆಯಬಹುದು. ಉಪನ್ಯಾಸಕರಾದ ಎಂ.ಶ್ರೀನಿವಾಸ, ಕೆ.ಸುಮಾ ಮತ್ತಿತರರು ಮಾಹಿತಿ ನೀಡಿದರು.
ಸಂವಿಧಾನ ದ್ರೋಹಿಗಳನ್ನು ಅಧಿಕಾರದಿಂದ ದೂರವಿಡಿ: ಡಾ.ಯತೀಂದ್ರ
ಪ್ರತಿಯೊಬ್ಬರೂ ಸಂವಿಧಾನವನ್ನು ಗೌರವಿಸಿ
ತುಮಕೂರು: ಸಂವಿಧಾನ ರಚನೆಯಾದಂದಿನಿಂದ ಅದನ್ನು ಬದಲಾಯಿಸುವ ಪ್ರಯತ್ನಗಳು ನಡೆಯುತ್ತಲೇ ಇವೆ. ಸಂವಿಧಾನ ವಿರೋಧಿ ಶಕ್ತಿಗಳನ್ನು ಅಧಿಕಾರದಿಂದ ದೂರವಿಡಬೇಕು. ಪ್ರತಿಯೊಬ್ಬರೂ ಸಂವಿಧಾನವನ್ನು ಗೌರವಿಸಬೇಕು ಎಂದು ವಿಧಾನ ಪರಿಷತ್ ಸದಸ್ಯ ಡಾ.ಯತೀಂದ್ರ ಸಿದ್ದರಾಮಯ್ಯ ಹೇಳಿದರು. ನಗರದ ವಿಶ್ವವಿದ್ಯಾನಿಲಯದ ಸಭಾಂಗಣದಲ್ಲಿ ಆಯೋಜಿಸಿದ್ದ ವಿಚಾರ ಸಂಕಿರಣದಲ್ಲಿ ಮಾತನಾಡಿದರು. ಸಂವಿಧಾನ ಎಲ್ಲರಿಗೂ ಸಮಾನತೆಯ ಹಕ್ಕನ್ನು ನೀಡಿದೆ. ಜಾತಿ, ಧರ್ಮ, ಲಿಂಗ ಭೇದವಿಲ್ಲದೆ ಎಲ್ಲರೂ ಸಮಾನರು ಎಂಬುದನ್ನು ಸಾರುತ್ತದೆ. ಯುವಕರು ಸಂವಿಧಾನದ ಆಶಯಗಳನ್ನು ಅರಿತು ಅದರ ರಕ್ಷಣೆಗೆ ಮುಂದಾಗಬೇಕು. ಕಾರ್ಯಕ್ರಮದಲ್ಲಿ ಕುಲಪತಿಗಳು, ಪ್ರಾಧ್ಯಾಪಕರು, ಸಂಶೋಧನಾ ವಿದ್ಯಾರ್ಥಿಗಳು ಹಾಗೂ ವಿವಿಧ ಸಂಘಟನೆಗಳ ಮುಖಂಡರು ಉಪಸ್ಥಿತರಿದ್ದರು.
ಒಳಮೀಸಲಾತಿ
ಸಂವಿಧಾನದಲ್ಲಿ ಒಳಮೀಸಲಾತಿಗೆ ಯಾವುದೇ ಅಡ್ಡಿಯಿಲ್ಲ. ಪರಿಶಿಷ್ಟ ಜಾತಿಯ ಎಲ್ಲಾ ಸಮುದಾಯಗಳಿಗೂ ನ್ಯಾಯ ಸಿಗಬೇಕು. ಈ ನಿಟ್ಟಿನಲ್ಲಿ ಸರ್ಕಾರ ಗಂಭೀರವಾಗಿ ಕ್ರಮ ಕೈಗೊಳ್ಳಲಿದೆ ಎಂದು ಹೇಳಿದರು.
